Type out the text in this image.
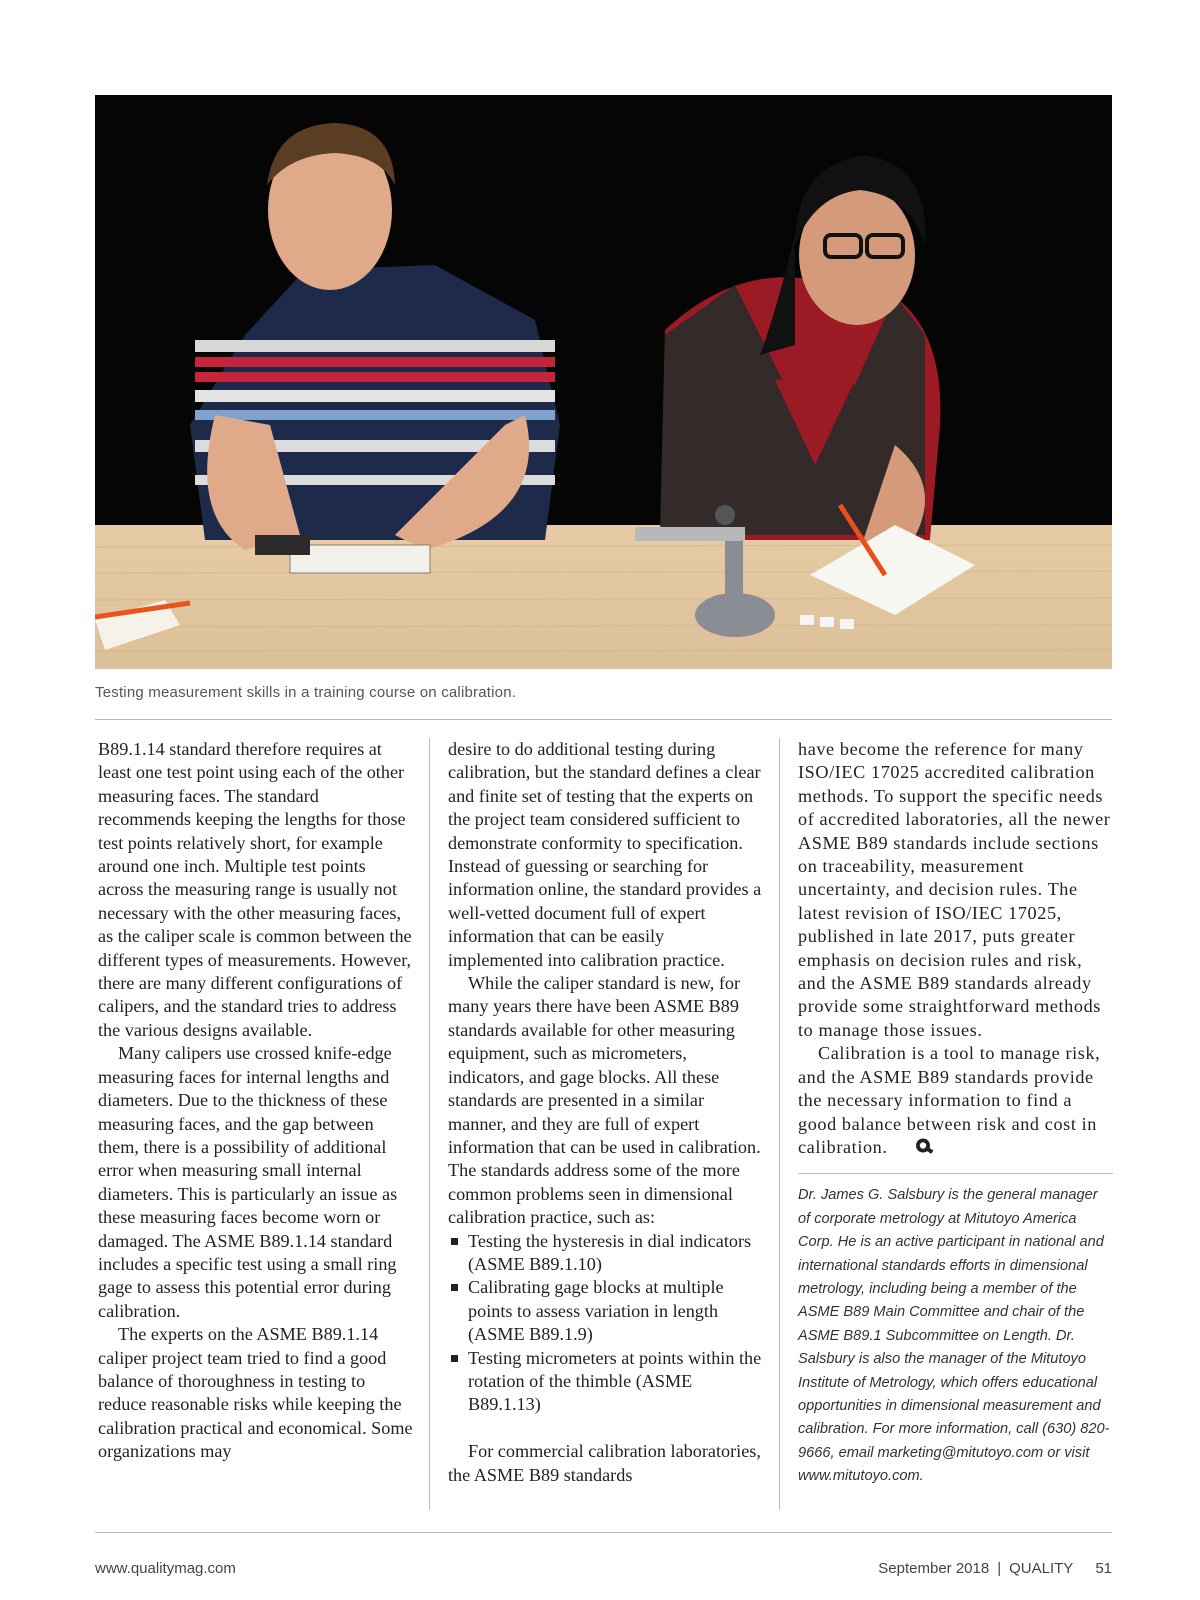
Testing measurement skills in a training course on calibration.

B89.1.14 standard therefore requires at least one test point using each of the other measuring faces. The standard recommends keeping the lengths for those test points relatively short, for example around one inch. Multiple test points across the measuring range is usually not necessary with the other measuring faces, as the caliper scale is common between the different types of measurements. However, there are many different configurations of calipers, and the standard tries to address the various designs available.

Many calipers use crossed knife-edge measuring faces for internal lengths and diameters. Due to the thickness of these measuring faces, and the gap between them, there is a possibility of additional error when measuring small internal diameters. This is particularly an issue as these measuring faces become worn or damaged. The ASME B89.1.14 standard includes a specific test using a small ring gage to assess this potential error during calibration.

The experts on the ASME B89.1.14 caliper project team tried to find a good balance of thoroughness in testing to reduce reasonable risks while keeping the calibration practical and economical. Some organizations may

desire to do additional testing during calibration, but the standard defines a clear and finite set of testing that the experts on the project team considered sufficient to demonstrate conformity to specification. Instead of guessing or searching for information online, the standard provides a well-vetted document full of expert information that can be easily implemented into calibration practice.

While the caliper standard is new, for many years there have been ASME B89 standards available for other measuring equipment, such as micrometers, indicators, and gage blocks. All these standards are presented in a similar manner, and they are full of expert information that can be used in calibration. The standards address some of the more common problems seen in dimensional calibration practice, such as:

Testing the hysteresis in dial indicators (ASME B89.1.10)
Calibrating gage blocks at multiple points to assess variation in length (ASME B89.1.9)
Testing micrometers at points within the rotation of the thimble (ASME B89.1.13)

For commercial calibration laboratories, the ASME B89 standards

have become the reference for many ISO/IEC 17025 accredited calibration methods. To support the specific needs of accredited laboratories, all the newer ASME B89 standards include sections on traceability, measurement uncertainty, and decision rules. The latest revision of ISO/IEC 17025, published in late 2017, puts greater emphasis on decision rules and risk, and the ASME B89 standards already provide some straightforward methods to manage those issues.

Calibration is a tool to manage risk, and the ASME B89 standards provide the necessary information to find a good balance between risk and cost in calibration.

Dr. James G. Salsbury is the general manager of corporate metrology at Mitutoyo America Corp. He is an active participant in national and international standards efforts in dimensional metrology, including being a member of the ASME B89 Main Committee and chair of the ASME B89.1 Subcommittee on Length. Dr. Salsbury is also the manager of the Mitutoyo Institute of Metrology, which offers educational opportunities in dimensional measurement and calibration. For more information, call (630) 820-9666, email marketing@mitutoyo.com or visit www.mitutoyo.com.

www.qualitymag.com	September 2018 | QUALITY 51
